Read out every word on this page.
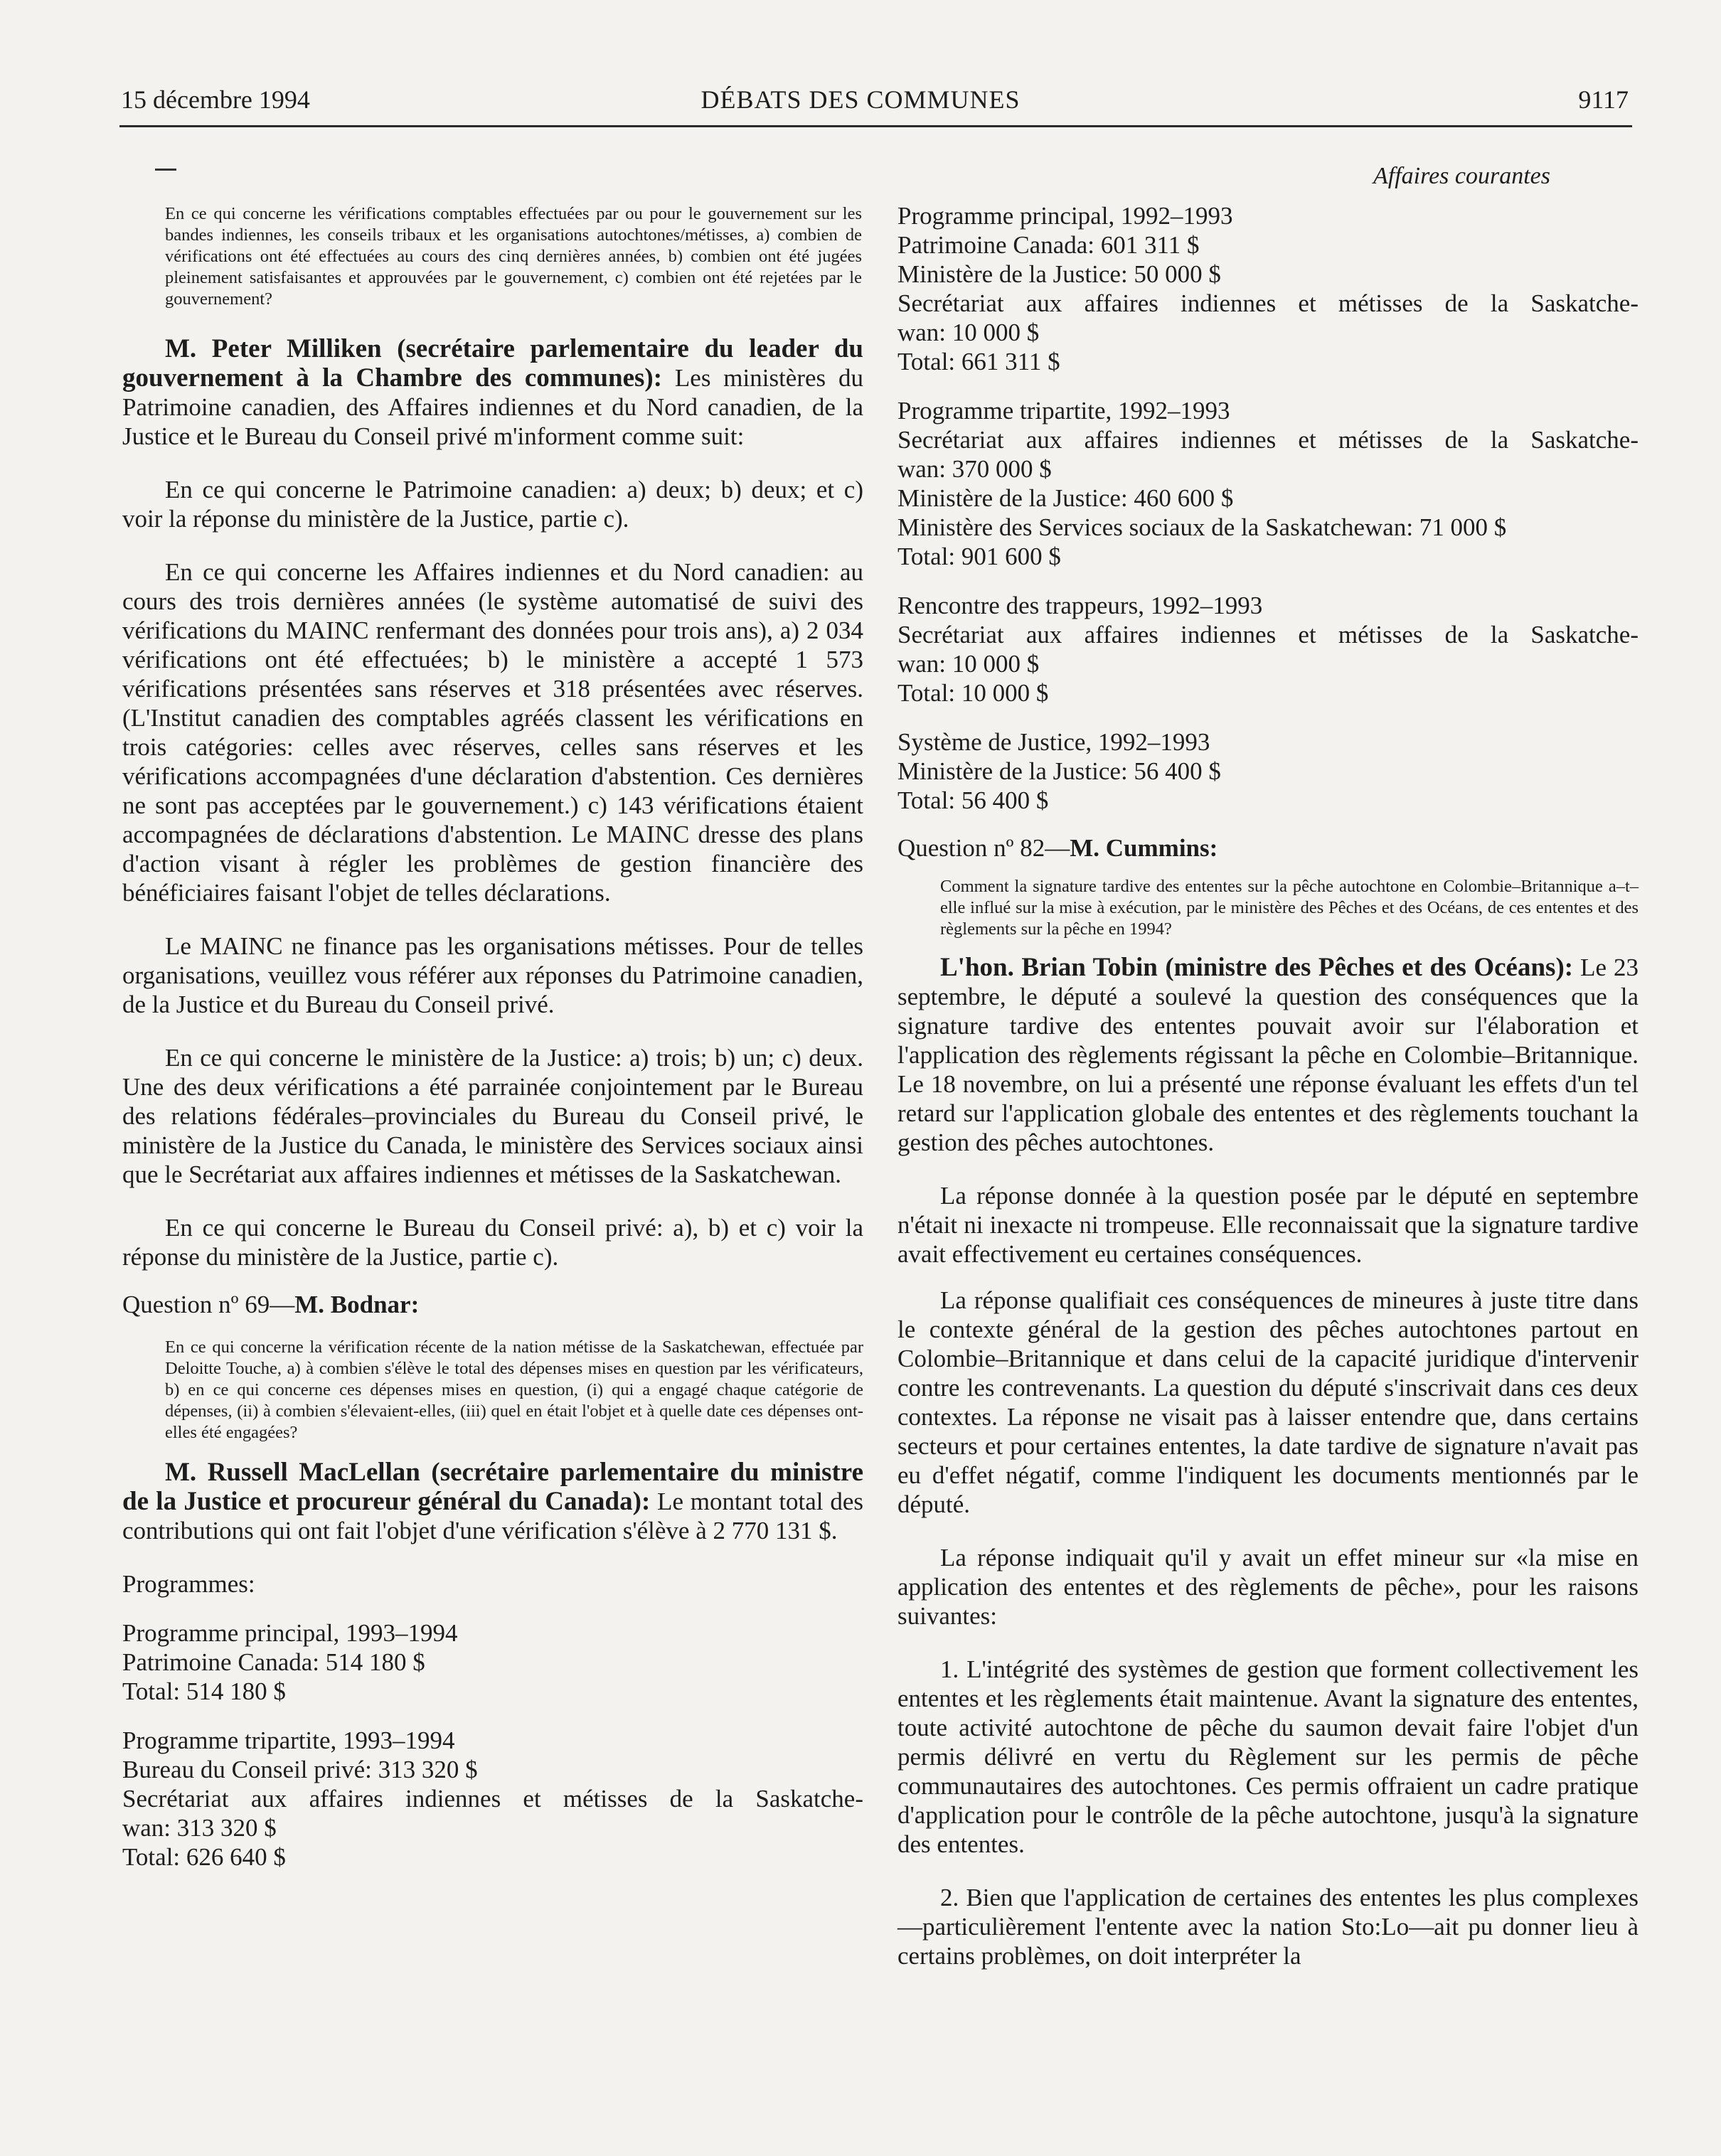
15 décembre 1994	DÉBATS DES COMMUNES	9117

En ce qui concerne les vérifications comptables effectuées par ou pour le gouvernement sur les bandes indiennes, les conseils tribaux et les organisations autochtones/métisses, a) combien de vérifications ont été effectuées au cours des cinq dernières années, b) combien ont été jugées pleinement satisfaisantes et approuvées par le gouvernement, c) combien ont été rejetées par le gouvernement?

M. Peter Milliken (secrétaire parlementaire du leader du gouvernement à la Chambre des communes): Les ministères du Patrimoine canadien, des Affaires indiennes et du Nord canadien, de la Justice et le Bureau du Conseil privé m'informent comme suit:

En ce qui concerne le Patrimoine canadien: a) deux; b) deux; et c) voir la réponse du ministère de la Justice, partie c).

En ce qui concerne les Affaires indiennes et du Nord canadien: au cours des trois dernières années (le système automatisé de suivi des vérifications du MAINC renfermant des données pour trois ans), a) 2 034 vérifications ont été effectuées; b) le ministère a accepté 1 573 vérifications présentées sans réserves et 318 présentées avec réserves. (L'Institut canadien des comptables agréés classent les vérifications en trois catégories: celles avec réserves, celles sans réserves et les vérifications accompagnées d'une déclaration d'abstention. Ces dernières ne sont pas acceptées par le gouvernement.) c) 143 vérifications étaient accompagnées de déclarations d'abstention. Le MAINC dresse des plans d'action visant à régler les problèmes de gestion financière des bénéficiaires faisant l'objet de telles déclarations.

Le MAINC ne finance pas les organisations métisses. Pour de telles organisations, veuillez vous référer aux réponses du Patrimoine canadien, de la Justice et du Bureau du Conseil privé.

En ce qui concerne le ministère de la Justice: a) trois; b) un; c) deux. Une des deux vérifications a été parrainée conjointement par le Bureau des relations fédérales–provinciales du Bureau du Conseil privé, le ministère de la Justice du Canada, le ministère des Services sociaux ainsi que le Secrétariat aux affaires indiennes et métisses de la Saskatchewan.

En ce qui concerne le Bureau du Conseil privé: a), b) et c) voir la réponse du ministère de la Justice, partie c).

Question nº 69—M. Bodnar:

En ce qui concerne la vérification récente de la nation métisse de la Saskatchewan, effectuée par Deloitte Touche, a) à combien s'élève le total des dépenses mises en question par les vérificateurs, b) en ce qui concerne ces dépenses mises en question, (i) qui a engagé chaque catégorie de dépenses, (ii) à combien s'élevaient-elles, (iii) quel en était l'objet et à quelle date ces dépenses ont-elles été engagées?

M. Russell MacLellan (secrétaire parlementaire du ministre de la Justice et procureur général du Canada): Le montant total des contributions qui ont fait l'objet d'une vérification s'élève à 2 770 131 $.

Programmes:

Programme principal, 1993–1994
Patrimoine Canada: 514 180 $
Total: 514 180 $
Programme tripartite, 1993–1994
Bureau du Conseil privé: 313 320 $
Secrétariat aux affaires indiennes et métisses de la Saskatche-
wan: 313 320 $
Total: 626 640 $
Affaires courantes
Programme principal, 1992–1993
Patrimoine Canada: 601 311 $
Ministère de la Justice: 50 000 $
Secrétariat aux affaires indiennes et métisses de la Saskatche-
wan: 10 000 $
Total: 661 311 $
Programme tripartite, 1992–1993
Secrétariat aux affaires indiennes et métisses de la Saskatche-
wan: 370 000 $
Ministère de la Justice: 460 600 $
Ministère des Services sociaux de la Saskatchewan: 71 000 $
Total: 901 600 $
Rencontre des trappeurs, 1992–1993
Secrétariat aux affaires indiennes et métisses de la Saskatche-
wan: 10 000 $
Total: 10 000 $
Système de Justice, 1992–1993
Ministère de la Justice: 56 400 $
Total: 56 400 $
Question nº 82—M. Cummins:

Comment la signature tardive des ententes sur la pêche autochtone en Colombie–Britannique a–t–elle influé sur la mise à exécution, par le ministère des Pêches et des Océans, de ces ententes et des règlements sur la pêche en 1994?

L'hon. Brian Tobin (ministre des Pêches et des Océans): Le 23 septembre, le député a soulevé la question des conséquences que la signature tardive des ententes pouvait avoir sur l'élaboration et l'application des règlements régissant la pêche en Colombie–Britannique. Le 18 novembre, on lui a présenté une réponse évaluant les effets d'un tel retard sur l'application globale des ententes et des règlements touchant la gestion des pêches autochtones.

La réponse donnée à la question posée par le député en septembre n'était ni inexacte ni trompeuse. Elle reconnaissait que la signature tardive avait effectivement eu certaines conséquences.

La réponse qualifiait ces conséquences de mineures à juste titre dans le contexte général de la gestion des pêches autochtones partout en Colombie–Britannique et dans celui de la capacité juridique d'intervenir contre les contrevenants. La question du député s'inscrivait dans ces deux contextes. La réponse ne visait pas à laisser entendre que, dans certains secteurs et pour certaines ententes, la date tardive de signature n'avait pas eu d'effet négatif, comme l'indiquent les documents mentionnés par le député.

La réponse indiquait qu'il y avait un effet mineur sur «la mise en application des ententes et des règlements de pêche», pour les raisons suivantes:

1. L'intégrité des systèmes de gestion que forment collectivement les ententes et les règlements était maintenue. Avant la signature des ententes, toute activité autochtone de pêche du saumon devait faire l'objet d'un permis délivré en vertu du Règlement sur les permis de pêche communautaires des autochtones. Ces permis offraient un cadre pratique d'application pour le contrôle de la pêche autochtone, jusqu'à la signature des ententes.

2. Bien que l'application de certaines des ententes les plus complexes—particulièrement l'entente avec la nation Sto:Lo—ait pu donner lieu à certains problèmes, on doit interpréter la
